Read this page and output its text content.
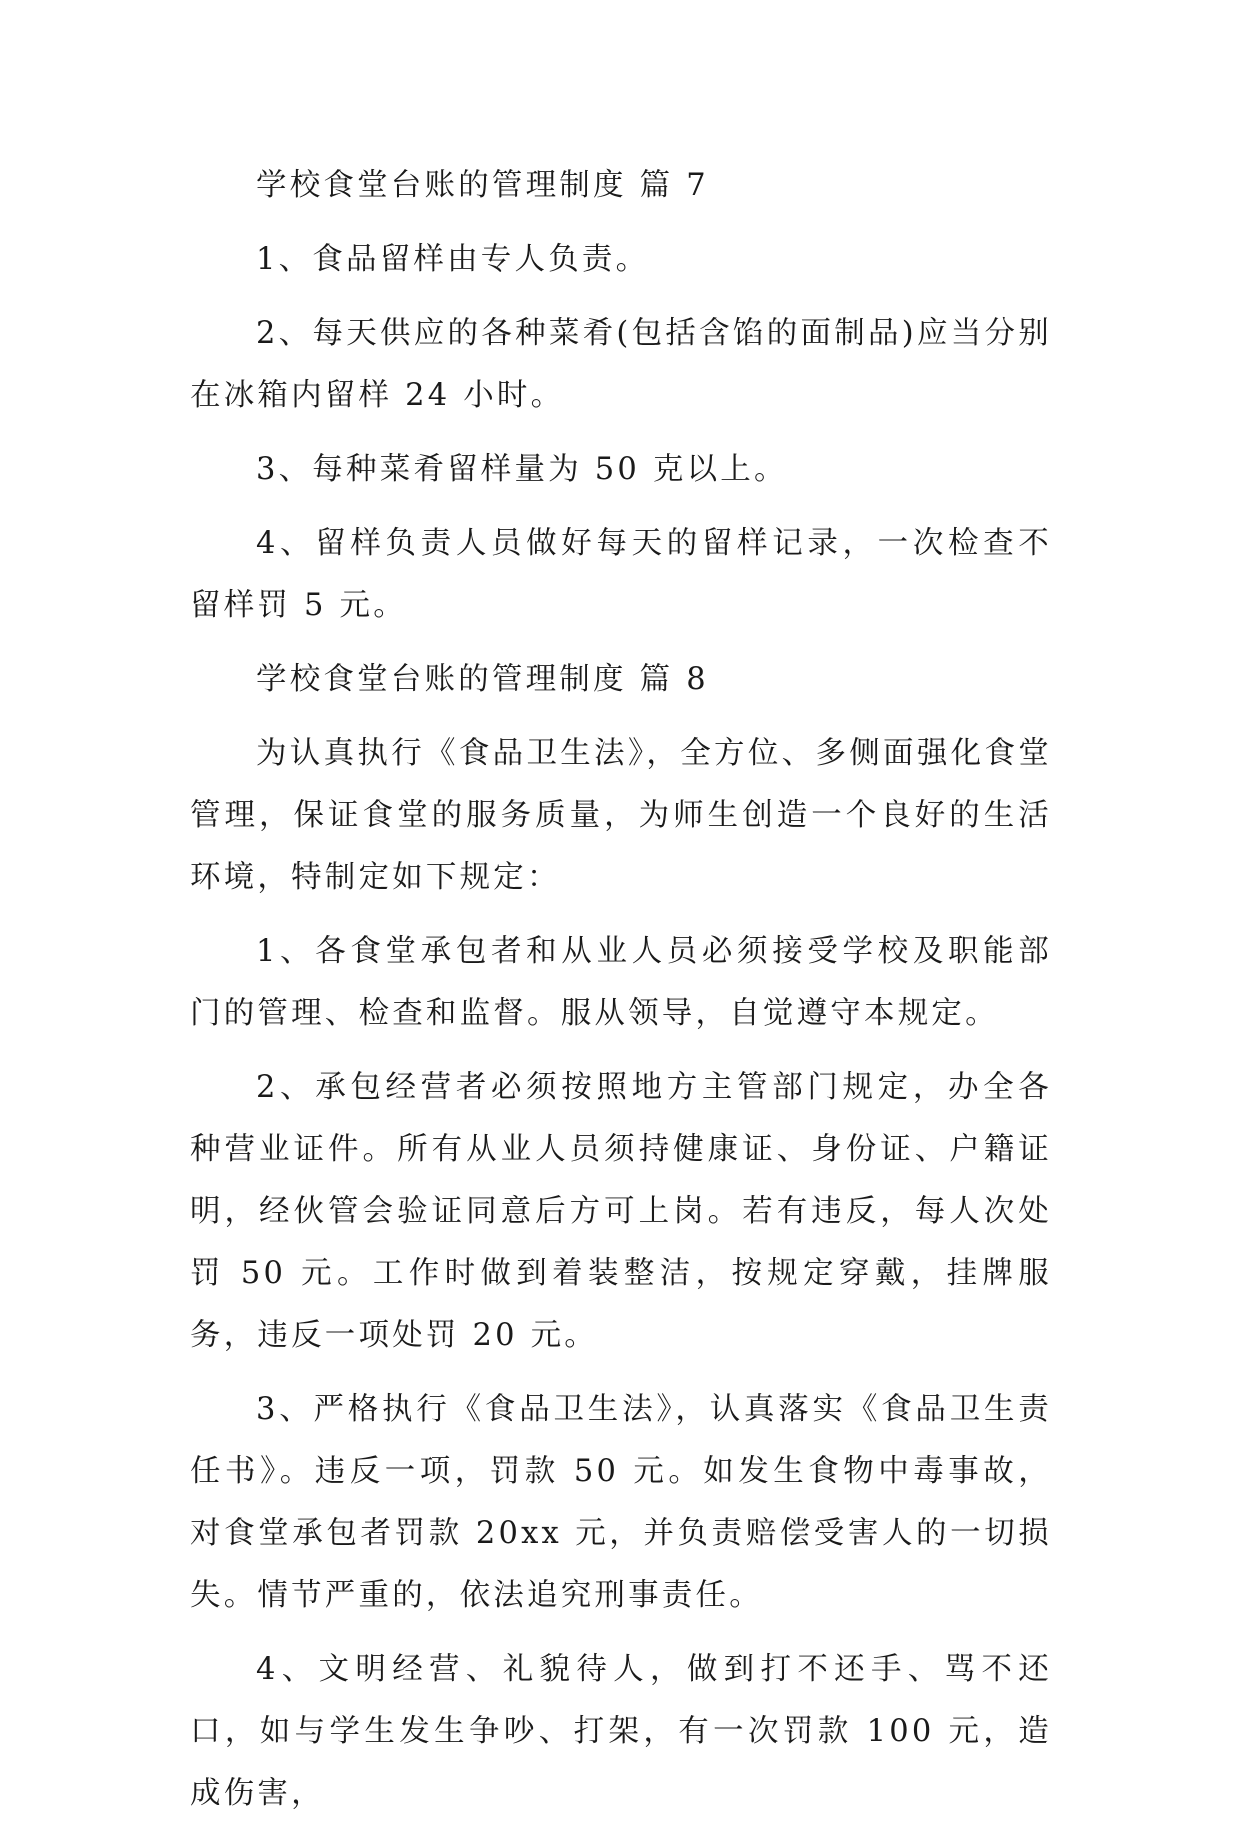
学校食堂台账的管理制度 篇 7
1、食品留样由专人负责。
2、每天供应的各种菜肴(包括含馅的面制品)应当分别在冰箱内留样 24 小时。
3、每种菜肴留样量为 50 克以上。
4、留样负责人员做好每天的留样记录，一次检查不留样罚 5 元。
学校食堂台账的管理制度 篇 8
为认真执行《食品卫生法》，全方位、多侧面强化食堂管理，保证食堂的服务质量，为师生创造一个良好的生活环境，特制定如下规定：
1、各食堂承包者和从业人员必须接受学校及职能部门的管理、检查和监督。服从领导，自觉遵守本规定。
2、承包经营者必须按照地方主管部门规定，办全各种营业证件。所有从业人员须持健康证、身份证、户籍证明，经伙管会验证同意后方可上岗。若有违反，每人次处罚 50 元。工作时做到着装整洁，按规定穿戴，挂牌服务，违反一项处罚 20 元。
3、严格执行《食品卫生法》，认真落实《食品卫生责任书》。违反一项，罚款 50 元。如发生食物中毒事故，对食堂承包者罚款 20xx 元，并负责赔偿受害人的一切损失。情节严重的，依法追究刑事责任。
4、文明经营、礼貌待人，做到打不还手、骂不还口，如与学生发生争吵、打架，有一次罚款 100 元，造成伤害，
